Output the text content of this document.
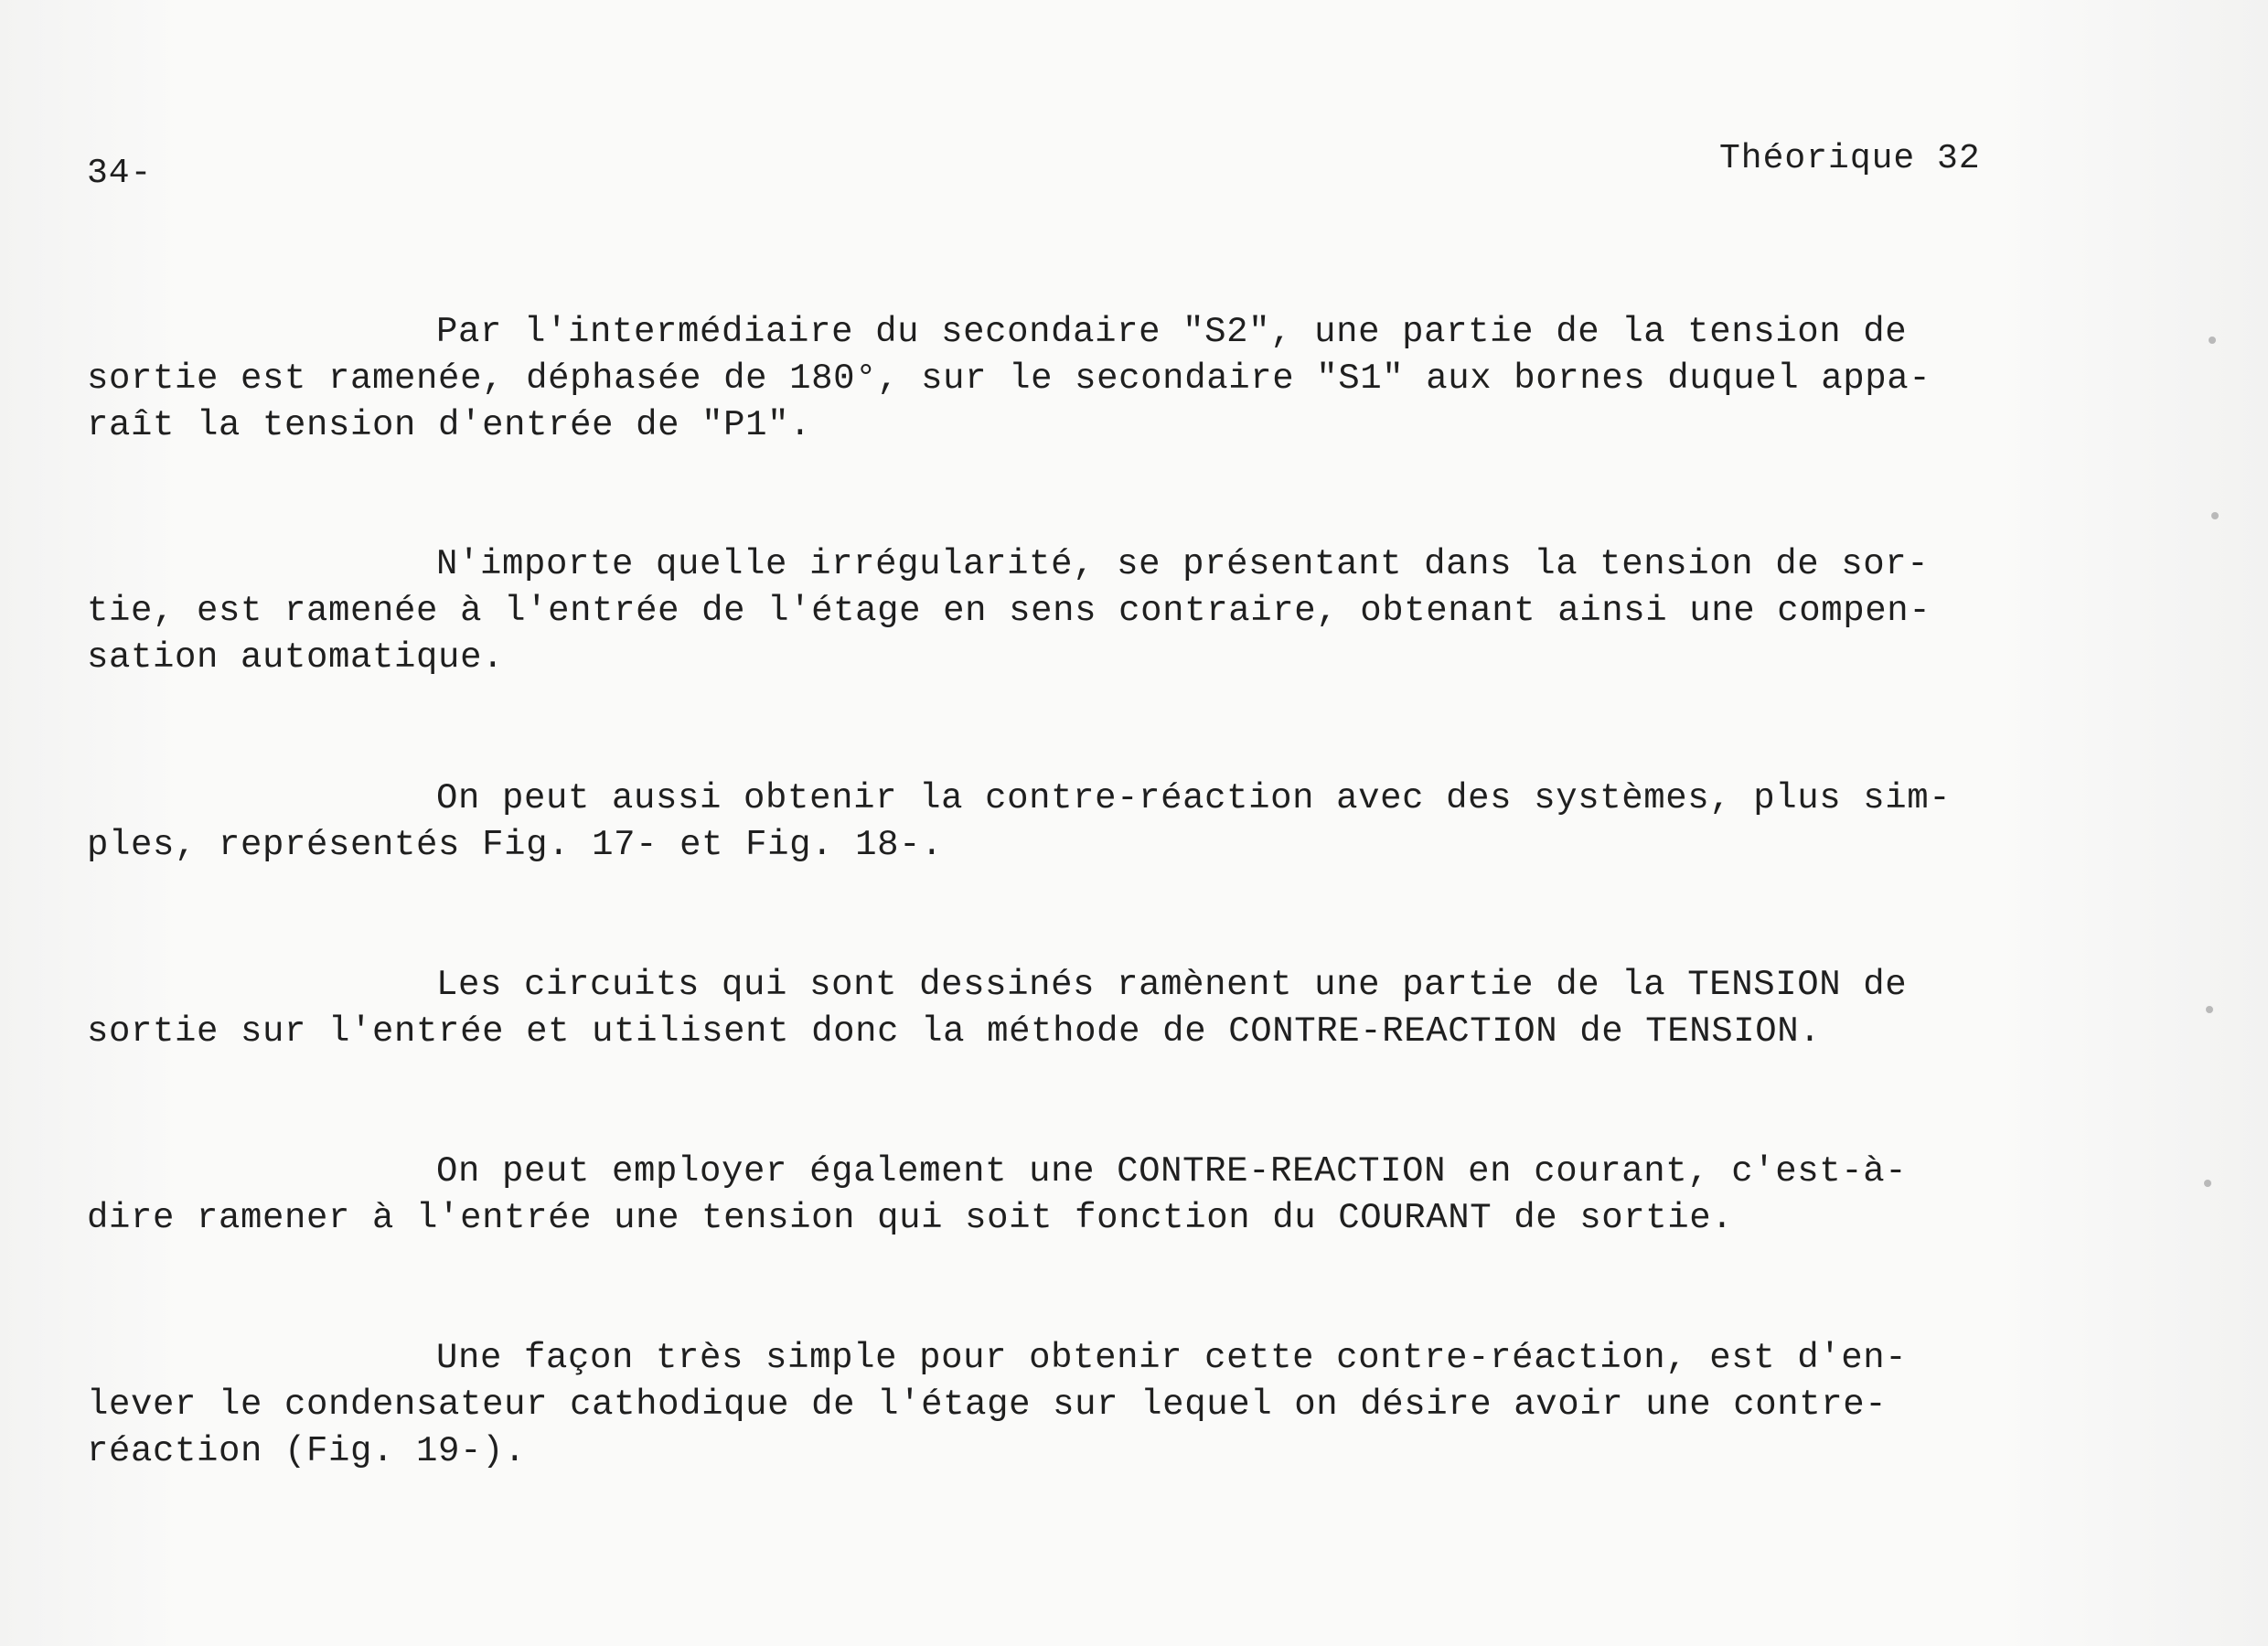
34-	Théorique 32
Par l'intermédiaire du secondaire "S2", une partie de la tension de
sortie est ramenée, déphasée de 180°, sur le secondaire "S1" aux bornes duquel appa-
raît la tension d'entrée de "P1".
N'importe quelle irrégularité, se présentant dans la tension de sor-
tie, est ramenée à l'entrée de l'étage en sens contraire, obtenant ainsi une compen-
sation automatique.
On peut aussi obtenir la contre-réaction avec des systèmes, plus sim-
ples, représentés Fig. 17- et Fig. 18-.
Les circuits qui sont dessinés ramènent une partie de la TENSION de
sortie sur l'entrée et utilisent donc la méthode de CONTRE-REACTION de TENSION.
On peut employer également une CONTRE-REACTION en courant, c'est-à-
dire ramener à l'entrée une tension qui soit fonction du COURANT de sortie.
Une façon très simple pour obtenir cette contre-réaction, est d'en-
lever le condensateur cathodique de l'étage sur lequel on désire avoir une contre-
réaction (Fig. 19-).
